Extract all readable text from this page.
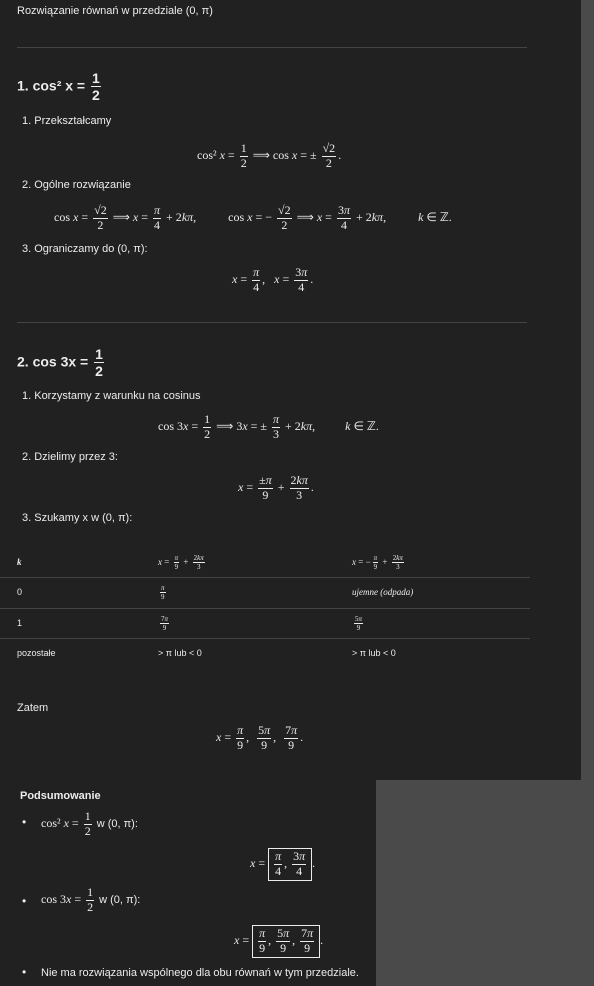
Rozwiązanie równań w przedziale (0, π)
1. cos² $x = \frac{1}{2}$
1. Przekształcamy
cos² $x = \frac{1}{2}$ ⟹ cos x = ± $\frac{√2}{2}$ .
2. Ogólne rozwiązanie
$\cos x = \frac{√2}{2}$ ⟹ $x = \frac{\pi}{4} + 2k\pi$,  cos x = − $\frac{√2}{2}$ ⟹ $x = \frac{3\pi}{4} + 2k\pi$,  k ∈ ℤ.
3. Ograniczamy do (0, π):
$x = \frac{\pi}{4}$ ,   $x = \frac{3\pi}{4}$ .
2. $\cos 3x = \frac{1}{2}$
1. Korzystamy z warunku na cosinus
$\cos 3x = \frac{1}{2}$ ⟹ 3x = ± $\frac{\pi}{3} + 2k\pi$,  k ∈ ℤ.
2. Dzielimy przez 3:
$x = \frac{\pm\pi}{9} + \frac{2k\pi}{3}$ .
3. Szukamy x w (0, π):
k	$x = \frac{\pi}{9} + \frac{2k\pi}{3}$	x = − $\frac{\pi}{9} + \frac{2k\pi}{3}$
0	$\frac{\pi}{9}$	ujemne (odpada)
1	$\frac{7\pi}{9}$	$\frac{5\pi}{9}$
pozostałe	> π lub < 0	> π lub < 0
Zatem
$x = \frac{\pi}{9}$ , $\frac{5\pi}{9}$ , $\frac{7\pi}{9}$ .
Podsumowanie
• cos² $x = \frac{1}{2}$ w (0, π):
$x = \frac{\pi}{4}$ , $\frac{3\pi}{4}$ .
• $\cos 3x = \frac{1}{2}$ w (0, π):
$x = \frac{\pi}{9}$ , $\frac{5\pi}{9}$ , $\frac{7\pi}{9}$ .
• Nie ma rozwiązania wspólnego dla obu równań w tym przedziale.
